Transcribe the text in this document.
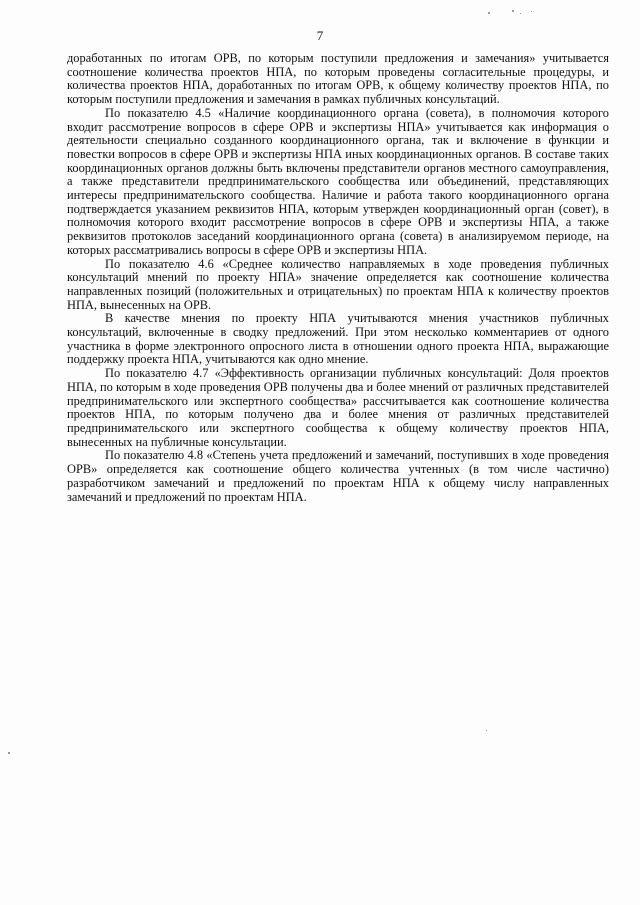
7

доработанных по итогам ОРВ, по которым поступили предложения и замечания» учитывается соотношение количества проектов НПА, по которым проведены согласительные процедуры, и количества проектов НПА, доработанных по итогам ОРВ, к общему количеству проектов НПА, по которым поступили предложения и замечания в рамках публичных консультаций.

По показателю 4.5 «Наличие координационного органа (совета), в полномочия которого входит рассмотрение вопросов в сфере ОРВ и экспертизы НПА» учитывается как информация о деятельности специально созданного координационного органа, так и включение в функции и повестки вопросов в сфере ОРВ и экспертизы НПА иных координационных органов. В составе таких координационных органов должны быть включены представители органов местного самоуправления, а также представители предпринимательского сообщества или объединений, представляющих интересы предпринимательского сообщества. Наличие и работа такого координационного органа подтверждается указанием реквизитов НПА, которым утвержден координационный орган (совет), в полномочия которого входит рассмотрение вопросов в сфере ОРВ и экспертизы НПА, а также реквизитов протоколов заседаний координационного органа (совета) в анализируемом периоде, на которых рассматривались вопросы в сфере ОРВ и экспертизы НПА.

По показателю 4.6 «Среднее количество направляемых в ходе проведения публичных консультаций мнений по проекту НПА» значение определяется как соотношение количества направленных позиций (положительных и отрицательных) по проектам НПА к количеству проектов НПА, вынесенных на ОРВ.

В качестве мнения по проекту НПА учитываются мнения участников публичных консультаций, включенные в сводку предложений. При этом несколько комментариев от одного участника в форме электронного опросного листа в отношении одного проекта НПА, выражающие поддержку проекта НПА, учитываются как одно мнение.

По показателю 4.7 «Эффективность организации публичных консультаций: Доля проектов НПА, по которым в ходе проведения ОРВ получены два и более мнений от различных представителей предпринимательского или экспертного сообщества» рассчитывается как соотношение количества проектов НПА, по которым получено два и более мнения от различных представителей предпринимательского или экспертного сообщества к общему количеству проектов НПА, вынесенных на публичные консультации.

По показателю 4.8 «Степень учета предложений и замечаний, поступивших в ходе проведения ОРВ» определяется как соотношение общего количества учтенных (в том числе частично) разработчиком замечаний и предложений по проектам НПА к общему числу направленных замечаний и предложений по проектам НПА.
